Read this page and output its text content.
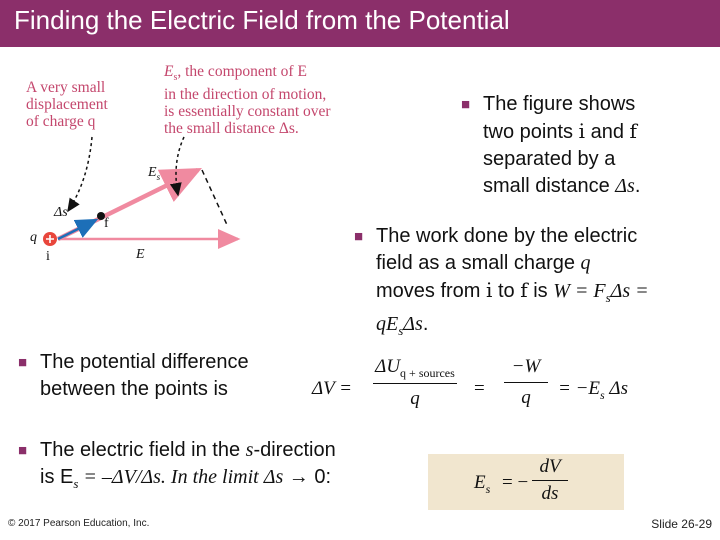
Finding the Electric Field from the Potential
A very small
displacement
of charge q
$E_s$, the component of E
in the direction of motion,
is essentially constant over
the small distance Δs.
$E_s$
Δs
f
q
i	E
■ The figure shows
two points i and f
separated by a
small distance Δs.
■ The work done by the electric
field as a small charge q
moves from i to f is $W = F_s\Delta s$ =
$qE_s\Delta s$.
■ The potential difference
between the points is	ΔV =
$\Delta U_{q + sources}$
q	=
−W
q	= $-E_s$ Δs
■ The electric field in the s-direction
is $E_s = -\Delta V/\Delta s$. In the limit Δs → 0:	$E_s$ = −
dV
ds
© 2017 Pearson Education, Inc.	Slide 26-29
